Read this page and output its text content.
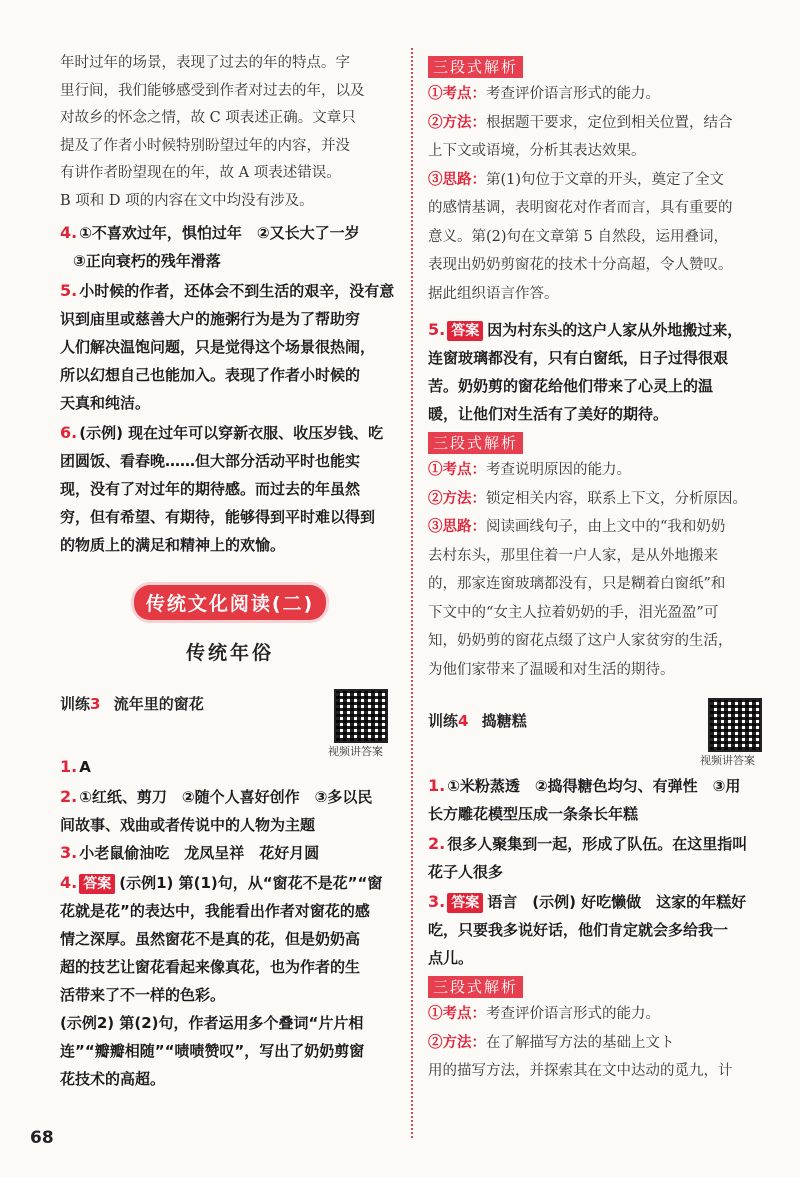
年时过年的场景，表现了过去的年的特点。字

里行间，我们能够感受到作者对过去的年，以及

对故乡的怀念之情，故 C 项表述正确。文章只

提及了作者小时候特别盼望过年的内容，并没

有讲作者盼望现在的年，故 A 项表述错误。

B 项和 D 项的内容在文中均没有涉及。

4. ①不喜欢过年，惧怕过年　②又长大了一岁

③正向衰朽的残年滑落

5. 小时候的作者，还体会不到生活的艰辛，没有意

识到庙里或慈善大户的施粥行为是为了帮助穷

人们解决温饱问题，只是觉得这个场景很热闹，

所以幻想自己也能加入。表现了作者小时候的

天真和纯洁。

6. (示例) 现在过年可以穿新衣服、收压岁钱、吃

团圆饭、看春晚……但大部分活动平时也能实

现，没有了对过年的期待感。而过去的年虽然

穷，但有希望、有期待，能够得到平时难以得到

的物质上的满足和精神上的欢愉。

传统文化阅读(二)
传统年俗
训练3 流年里的窗花
视频讲答案

1. A

2. ①红纸、剪刀　②随个人喜好创作　③多以民

间故事、戏曲或者传说中的人物为主题

3. 小老鼠偷油吃　龙凤呈祥　花好月圆

4. 答案 (示例1) 第(1)句，从“窗花不是花”“窗

花就是花”的表达中，我能看出作者对窗花的感

情之深厚。虽然窗花不是真的花，但是奶奶高

超的技艺让窗花看起来像真花，也为作者的生

活带来了不一样的色彩。

(示例2) 第(2)句，作者运用多个叠词“片片相

连”“瓣瓣相随”“啧啧赞叹”，写出了奶奶剪窗

花技术的高超。

三段式解析

①考点：考查评价语言形式的能力。

②方法：根据题干要求，定位到相关位置，结合

上下文或语境，分析其表达效果。

③思路：第(1)句位于文章的开头，奠定了全文

的感情基调，表明窗花对作者而言，具有重要的

意义。第(2)句在文章第 5 自然段，运用叠词，

表现出奶奶剪窗花的技术十分高超，令人赞叹。

据此组织语言作答。

5. 答案 因为村东头的这户人家从外地搬过来，

连窗玻璃都没有，只有白窗纸，日子过得很艰

苦。奶奶剪的窗花给他们带来了心灵上的温

暖，让他们对生活有了美好的期待。

三段式解析

①考点：考查说明原因的能力。

②方法：锁定相关内容，联系上下文，分析原因。

③思路：阅读画线句子，由上文中的“我和奶奶

去村东头，那里住着一户人家，是从外地搬来

的，那家连窗玻璃都没有，只是糊着白窗纸”和

下文中的“女主人拉着奶奶的手，泪光盈盈”可

知，奶奶剪的窗花点缀了这户人家贫穷的生活，

为他们家带来了温暖和对生活的期待。

训练4 捣糖糕
视频讲答案

1. ①米粉蒸透　②捣得糖色均匀、有弹性　③用

长方雕花模型压成一条条长年糕

2. 很多人聚集到一起，形成了队伍。在这里指叫

花子人很多

3. 答案 语言　(示例) 好吃懒做　这家的年糕好

吃，只要我多说好话，他们肯定就会多给我一

点儿。

三段式解析

①考点：考查评价语言形式的能力。

②方法：在了解描写方法的基础上文ト

用的描写方法，并探索其在文中达动的觅九，计

68
